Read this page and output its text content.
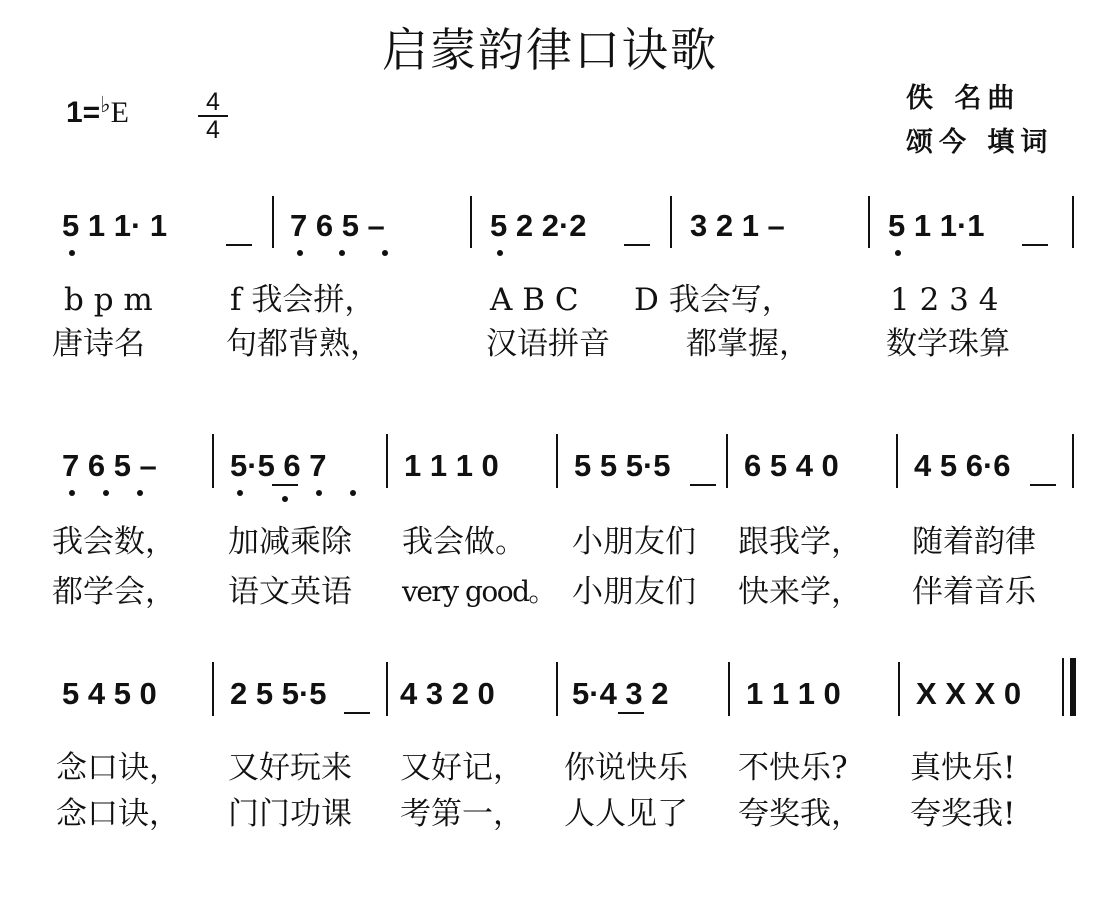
启蒙韵律口诀歌
1=♭E	4
4
佚 名曲
颂今 填词
5 1 1· 1	7 6 5 –	5 2 2·2	3 2 1 –	5 1 1·1
b p m f 我会拼，	A B C D 我会写，	1 2 3 4
唐诗名	句都背熟，	汉语拼音 都掌握， 数学珠算
7 6 5 – 5·5 6 7 1 1 1 0 5 5 5·5 6 5 4 0 4 5 6·6
我会数， 加减乘除 我会做。 小朋友们 跟我学， 随着韵律
都学会， 语文英语 very good。 小朋友们 快来学， 伴着音乐
5 4 5 0 2 5 5·5 4 3 2 0 5·4 3 2 1 1 1 0 X X X 0
念口诀， 又好玩来 又好记， 你说快乐 不快乐? 真快乐!
念口诀， 门门功课 考第一， 人人见了 夸奖我， 夸奖我!
